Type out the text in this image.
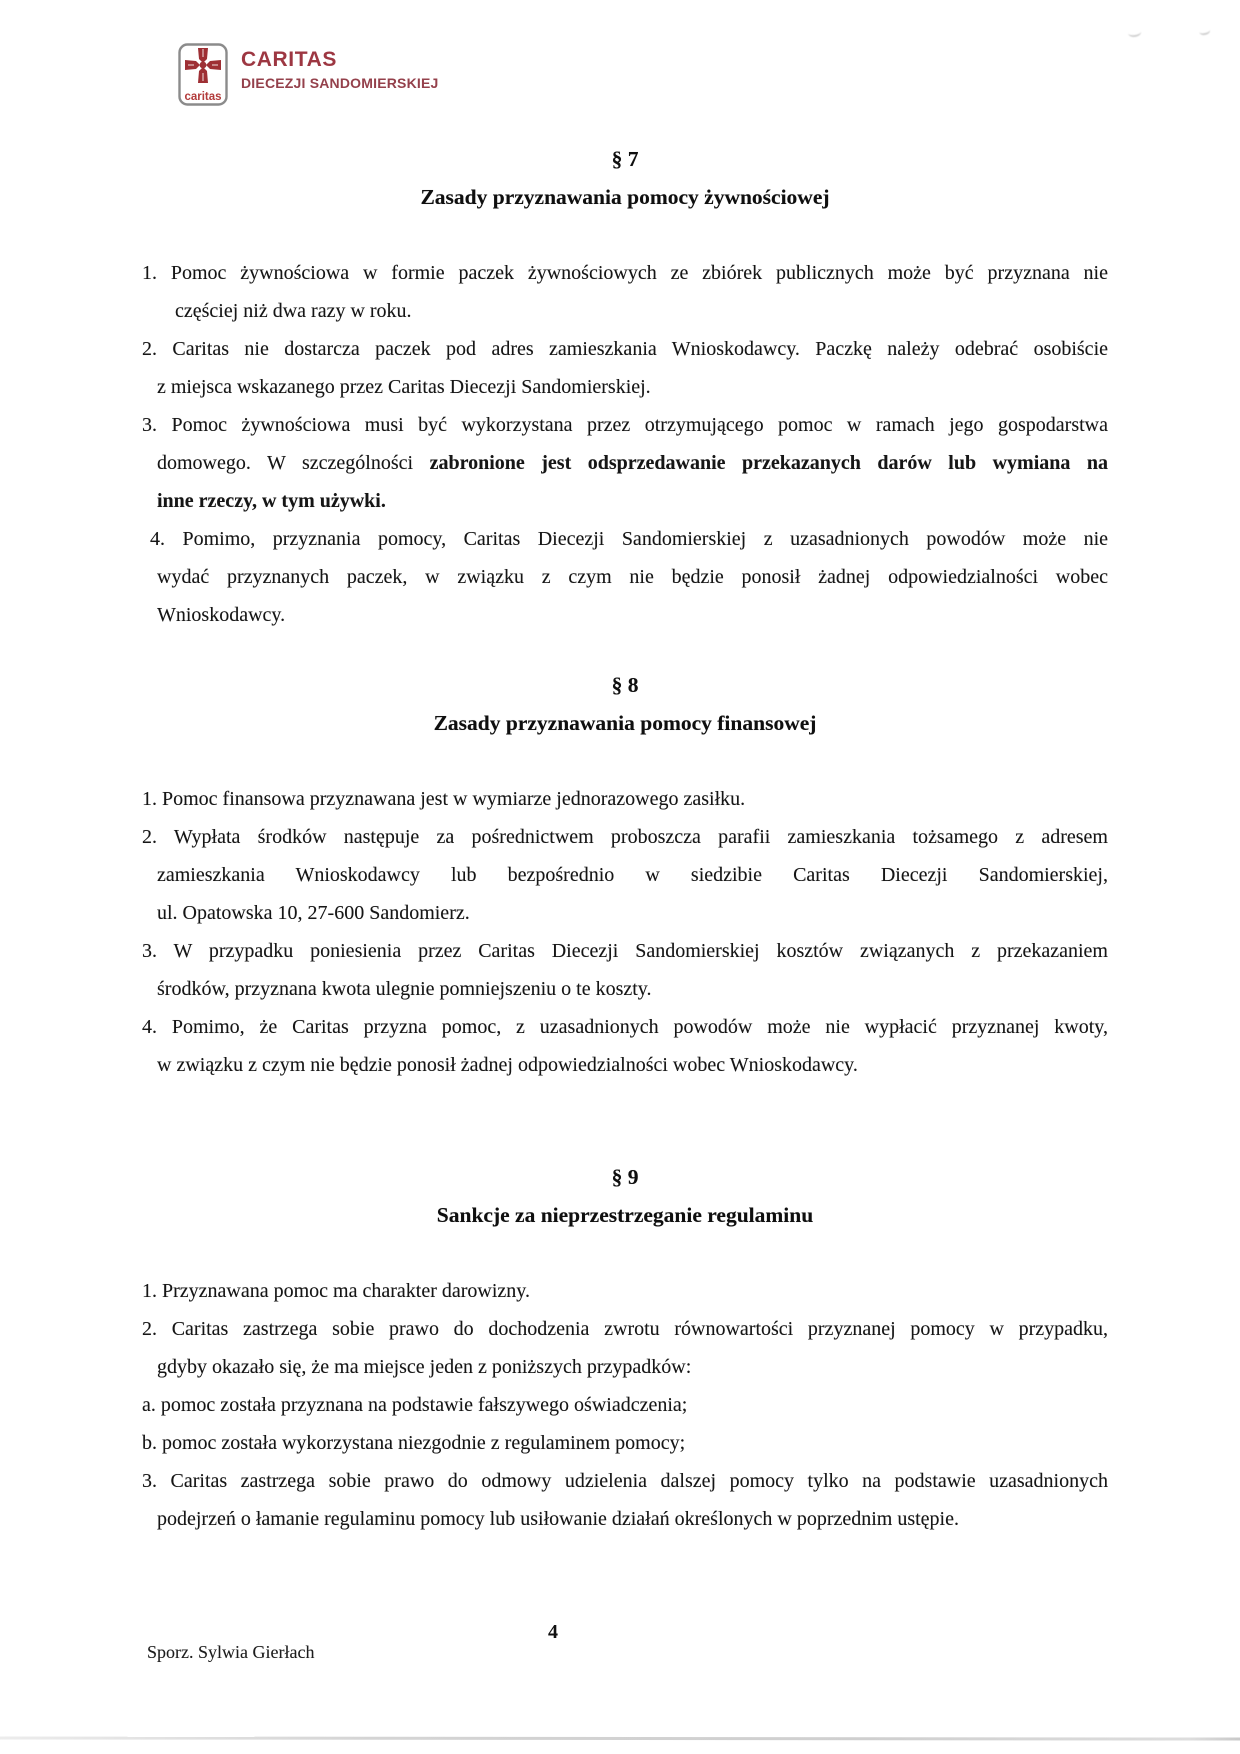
caritas
CARITAS
DIECEZJI SANDOMIERSKIEJ
§ 7
Zasady przyznawania pomocy żywnościowej
1. Pomoc żywnościowa w formie paczek żywnościowych ze zbiórek publicznych może być przyznana nie
częściej niż dwa razy w roku.
2. Caritas nie dostarcza paczek pod adres zamieszkania Wnioskodawcy. Paczkę należy odebrać osobiście
z miejsca wskazanego przez Caritas Diecezji Sandomierskiej.
3. Pomoc żywnościowa musi być wykorzystana przez otrzymującego pomoc w ramach jego gospodarstwa
domowego. W szczególności zabronione jest odsprzedawanie przekazanych darów lub wymiana na
inne rzeczy, w tym używki.
4. Pomimo, przyznania pomocy, Caritas Diecezji Sandomierskiej z uzasadnionych powodów może nie
wydać przyznanych paczek, w związku z czym nie będzie ponosił żadnej odpowiedzialności wobec
Wnioskodawcy.
§ 8
Zasady przyznawania pomocy finansowej
1. Pomoc finansowa przyznawana jest w wymiarze jednorazowego zasiłku.
2. Wypłata środków następuje za pośrednictwem proboszcza parafii zamieszkania tożsamego z adresem
zamieszkania Wnioskodawcy lub bezpośrednio w siedzibie Caritas Diecezji Sandomierskiej,
ul. Opatowska 10, 27-600 Sandomierz.
3. W przypadku poniesienia przez Caritas Diecezji Sandomierskiej kosztów związanych z przekazaniem
środków, przyznana kwota ulegnie pomniejszeniu o te koszty.
4. Pomimo, że Caritas przyzna pomoc, z uzasadnionych powodów może nie wypłacić przyznanej kwoty,
w związku z czym nie będzie ponosił żadnej odpowiedzialności wobec Wnioskodawcy.
§ 9
Sankcje za nieprzestrzeganie regulaminu
1. Przyznawana pomoc ma charakter darowizny.
2. Caritas zastrzega sobie prawo do dochodzenia zwrotu równowartości przyznanej pomocy w przypadku,
gdyby okazało się, że ma miejsce jeden z poniższych przypadków:
a. pomoc została przyznana na podstawie fałszywego oświadczenia;
b. pomoc została wykorzystana niezgodnie z regulaminem pomocy;
3. Caritas zastrzega sobie prawo do odmowy udzielenia dalszej pomocy tylko na podstawie uzasadnionych
podejrzeń o łamanie regulaminu pomocy lub usiłowanie działań określonych w poprzednim ustępie.
4
Sporz. Sylwia Gierłach
